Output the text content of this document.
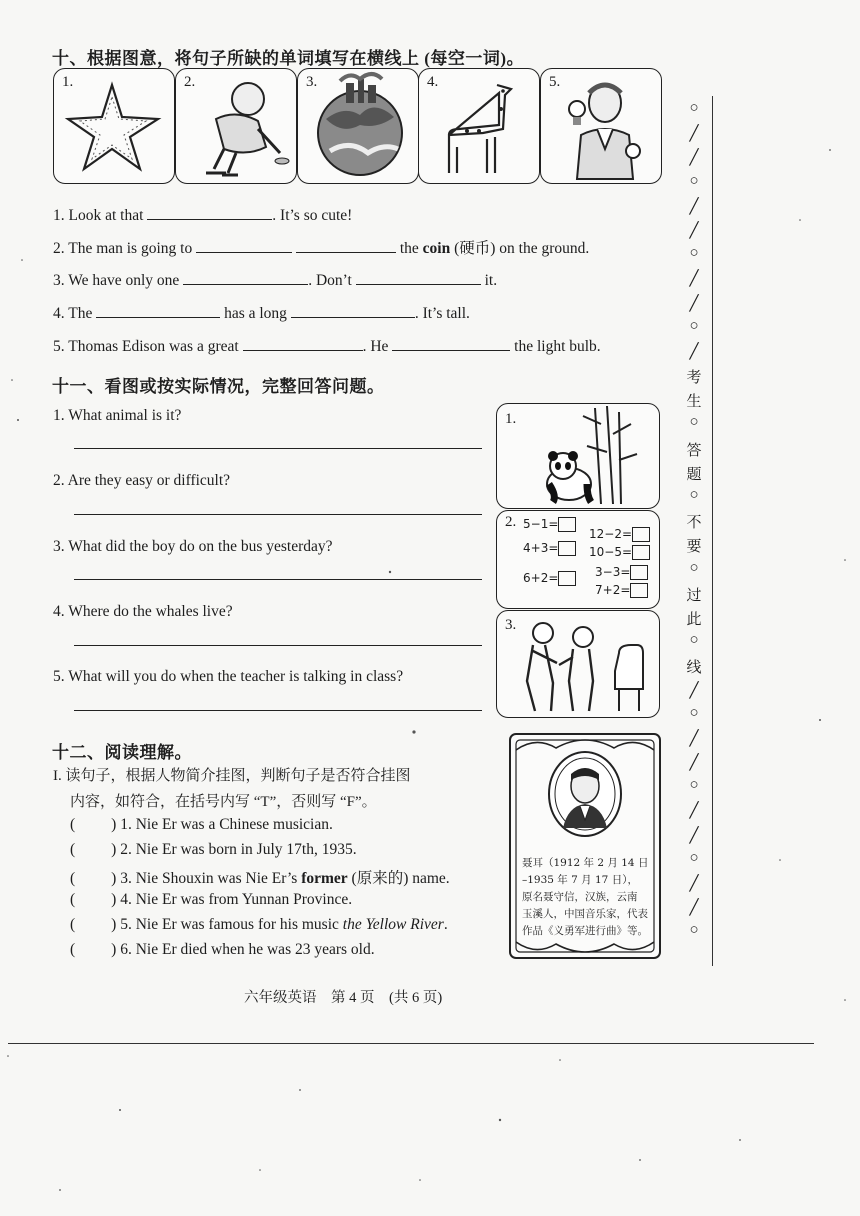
十、根据图意，将句子所缺的单词填写在横线上 (每空一词)。
1.	2.	3.	4.	5.
1. Look at that	. It’s so cute!
2. The man is going to	the coin (硬币) on the ground.
3. We have only one	. Don’t	it.
4. The	has a long	. It’s tall.
5. Thomas Edison was a great	. He	the light bulb.
十一、看图或按实际情况，完整回答问题。
1. What animal is it?
2. Are they easy or difficult?
3. What did the boy do on the bus yesterday?
4. Where do the whales live?
5. What will you do when the teacher is talking in class?
1.
2. 5−1=
12−2=
4+3=	10−5=
6+2=	3−3=
7+2=
3.
十二、阅读理解。
I. 读句子，根据人物简介挂图，判断句子是否符合挂图
内容，如符合，在括号内写 “T”，否则写 “F”。
( ) 1. Nie Er was a Chinese musician.
( ) 2. Nie Er was born in July 17th, 1935.
( ) 3. Nie Shouxin was Nie Er’s former (原来的) name.
( ) 4. Nie Er was from Yunnan Province.
( ) 5. Nie Er was famous for his music the Yellow River.
( ) 6. Nie Er died when he was 23 years old.
聂耳（1912 年 2 月 14 日
–1935 年 7 月 17 日），
原名聂守信，汉族，云南
玉溪人，中国音乐家，代表
作品《义勇军进行曲》等。
六年级英语　第 4 页　(共 6 页)
○
╱
╱
○
╱
╱
○
╱
╱
○
╱
考
生
○
答
题
○
不
要
○
过
此
○
线
╱
○
╱
╱
○
╱
╱
○
╱
╱
○
